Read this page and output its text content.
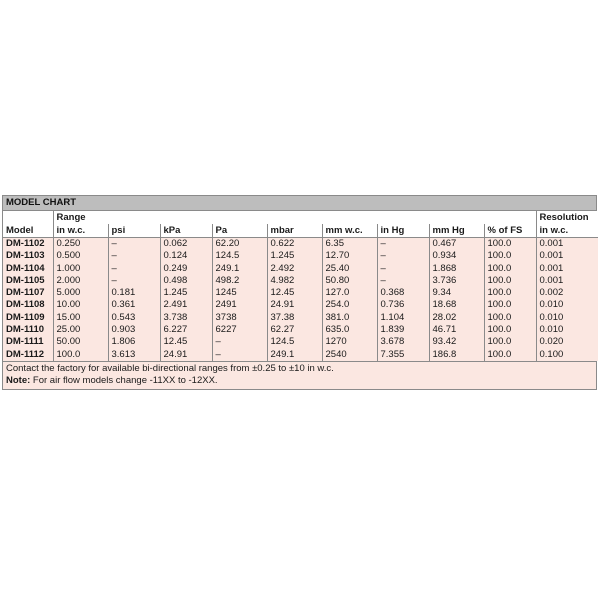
MODEL CHART
	Range									Resolution
Model	in w.c.	psi	kPa	Pa	mbar	mm w.c.	in Hg	mm Hg	% of FS	in w.c.
DM-1102	0.250	–	0.062	62.20	0.622	6.35	–	0.467	100.0	0.001
DM-1103	0.500	–	0.124	124.5	1.245	12.70	–	0.934	100.0	0.001
DM-1104	1.000	–	0.249	249.1	2.492	25.40	–	1.868	100.0	0.001
DM-1105	2.000	–	0.498	498.2	4.982	50.80	–	3.736	100.0	0.001
DM-1107	5.000	0.181	1.245	1245	12.45	127.0	0.368	9.34	100.0	0.002
DM-1108	10.00	0.361	2.491	2491	24.91	254.0	0.736	18.68	100.0	0.010
DM-1109	15.00	0.543	3.738	3738	37.38	381.0	1.104	28.02	100.0	0.010
DM-1110	25.00	0.903	6.227	6227	62.27	635.0	1.839	46.71	100.0	0.010
DM-1111	50.00	1.806	12.45	–	124.5	1270	3.678	93.42	100.0	0.020
DM-1112	100.0	3.613	24.91	–	249.1	2540	7.355	186.8	100.0	0.100
Contact the factory for available bi-directional ranges from ±0.25 to ±10 in w.c.
Note: For air flow models change -11XX to -12XX.
